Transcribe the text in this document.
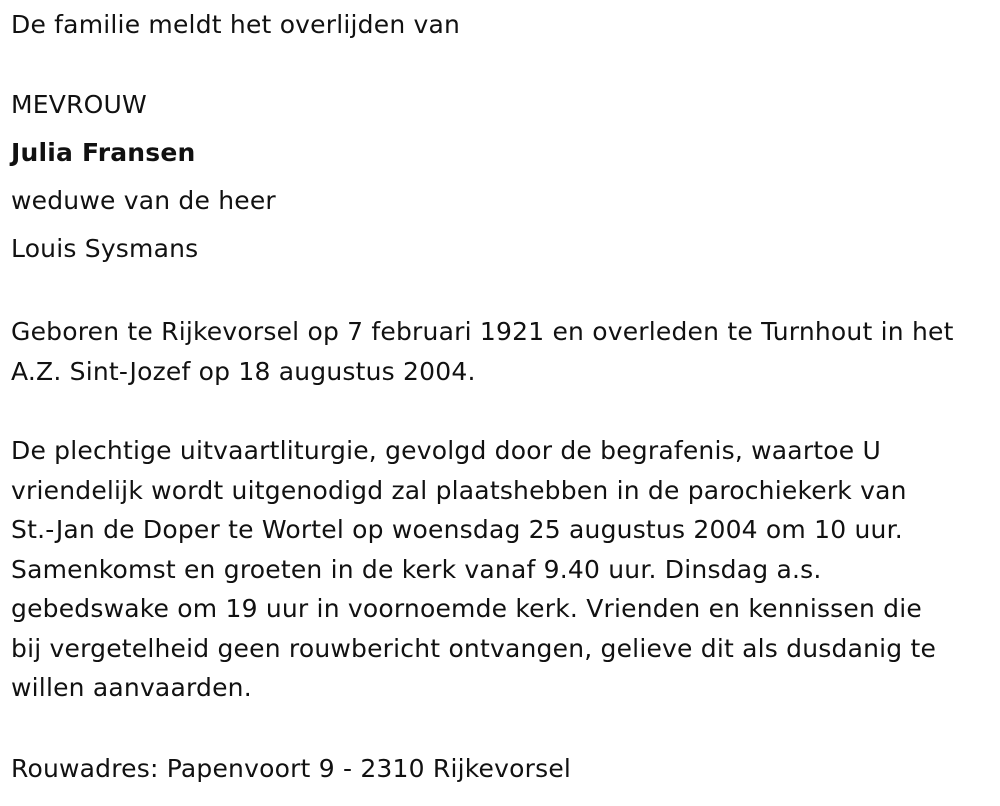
De familie meldt het overlijden van
MEVROUW
Julia Fransen
weduwe van de heer
Louis Sysmans
Geboren te Rijkevorsel op 7 februari 1921 en overleden te Turnhout in het
A.Z. Sint-Jozef op 18 augustus 2004.
De plechtige uitvaartliturgie, gevolgd door de begrafenis, waartoe U
vriendelijk wordt uitgenodigd zal plaatshebben in de parochiekerk van
St.-Jan de Doper te Wortel op woensdag 25 augustus 2004 om 10 uur.
Samenkomst en groeten in de kerk vanaf 9.40 uur. Dinsdag a.s.
gebedswake om 19 uur in voornoemde kerk. Vrienden en kennissen die
bij vergetelheid geen rouwbericht ontvangen, gelieve dit als dusdanig te
willen aanvaarden.
Rouwadres: Papenvoort 9 - 2310 Rijkevorsel
